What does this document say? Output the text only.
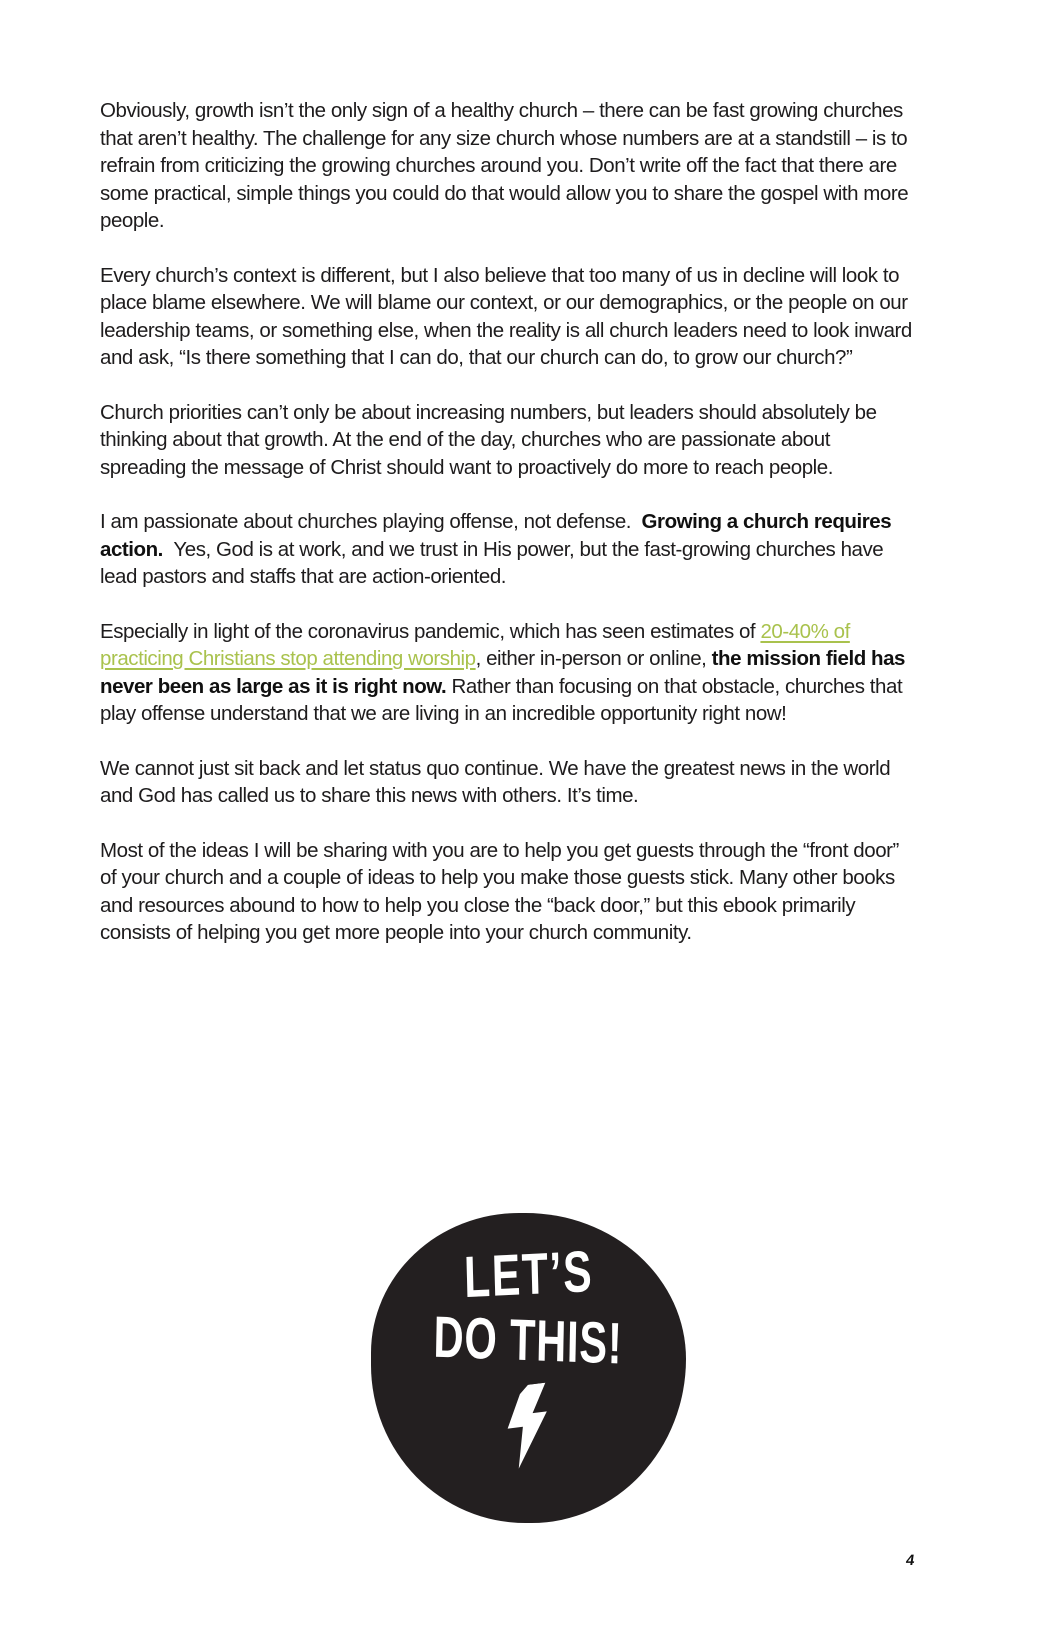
Obviously, growth isn’t the only sign of a healthy church – there can be fast growing churches that aren’t healthy. The challenge for any size church whose numbers are at a standstill – is to refrain from criticizing the growing churches around you. Don’t write off the fact that there are some practical, simple things you could do that would allow you to share the gospel with more people.

Every church’s context is different, but I also believe that too many of us in decline will look to place blame elsewhere. We will blame our context, or our demographics, or the people on our leadership teams, or something else, when the reality is all church leaders need to look inward and ask, “Is there something that I can do, that our church can do, to grow our church?”

Church priorities can’t only be about increasing numbers, but leaders should absolutely be thinking about that growth. At the end of the day, churches who are passionate about spreading the message of Christ should want to proactively do more to reach people.

I am passionate about churches playing offense, not defense.  Growing a church requires action.  Yes, God is at work, and we trust in His power, but the fast-growing churches have lead pastors and staffs that are action-oriented.

Especially in light of the coronavirus pandemic, which has seen estimates of 20-40% of practicing Christians stop attending worship, either in-person or online, the mission field has never been as large as it is right now. Rather than focusing on that obstacle, churches that play offense understand that we are living in an incredible opportunity right now!

We cannot just sit back and let status quo continue. We have the greatest news in the world and God has called us to share this news with others. It’s time.

Most of the ideas I will be sharing with you are to help you get guests through the “front door” of your church and a couple of ideas to help you make those guests stick. Many other books and resources abound to how to help you close the “back door,” but this ebook primarily consists of helping you get more people into your church community.

LET’S
DO THIS!
4
